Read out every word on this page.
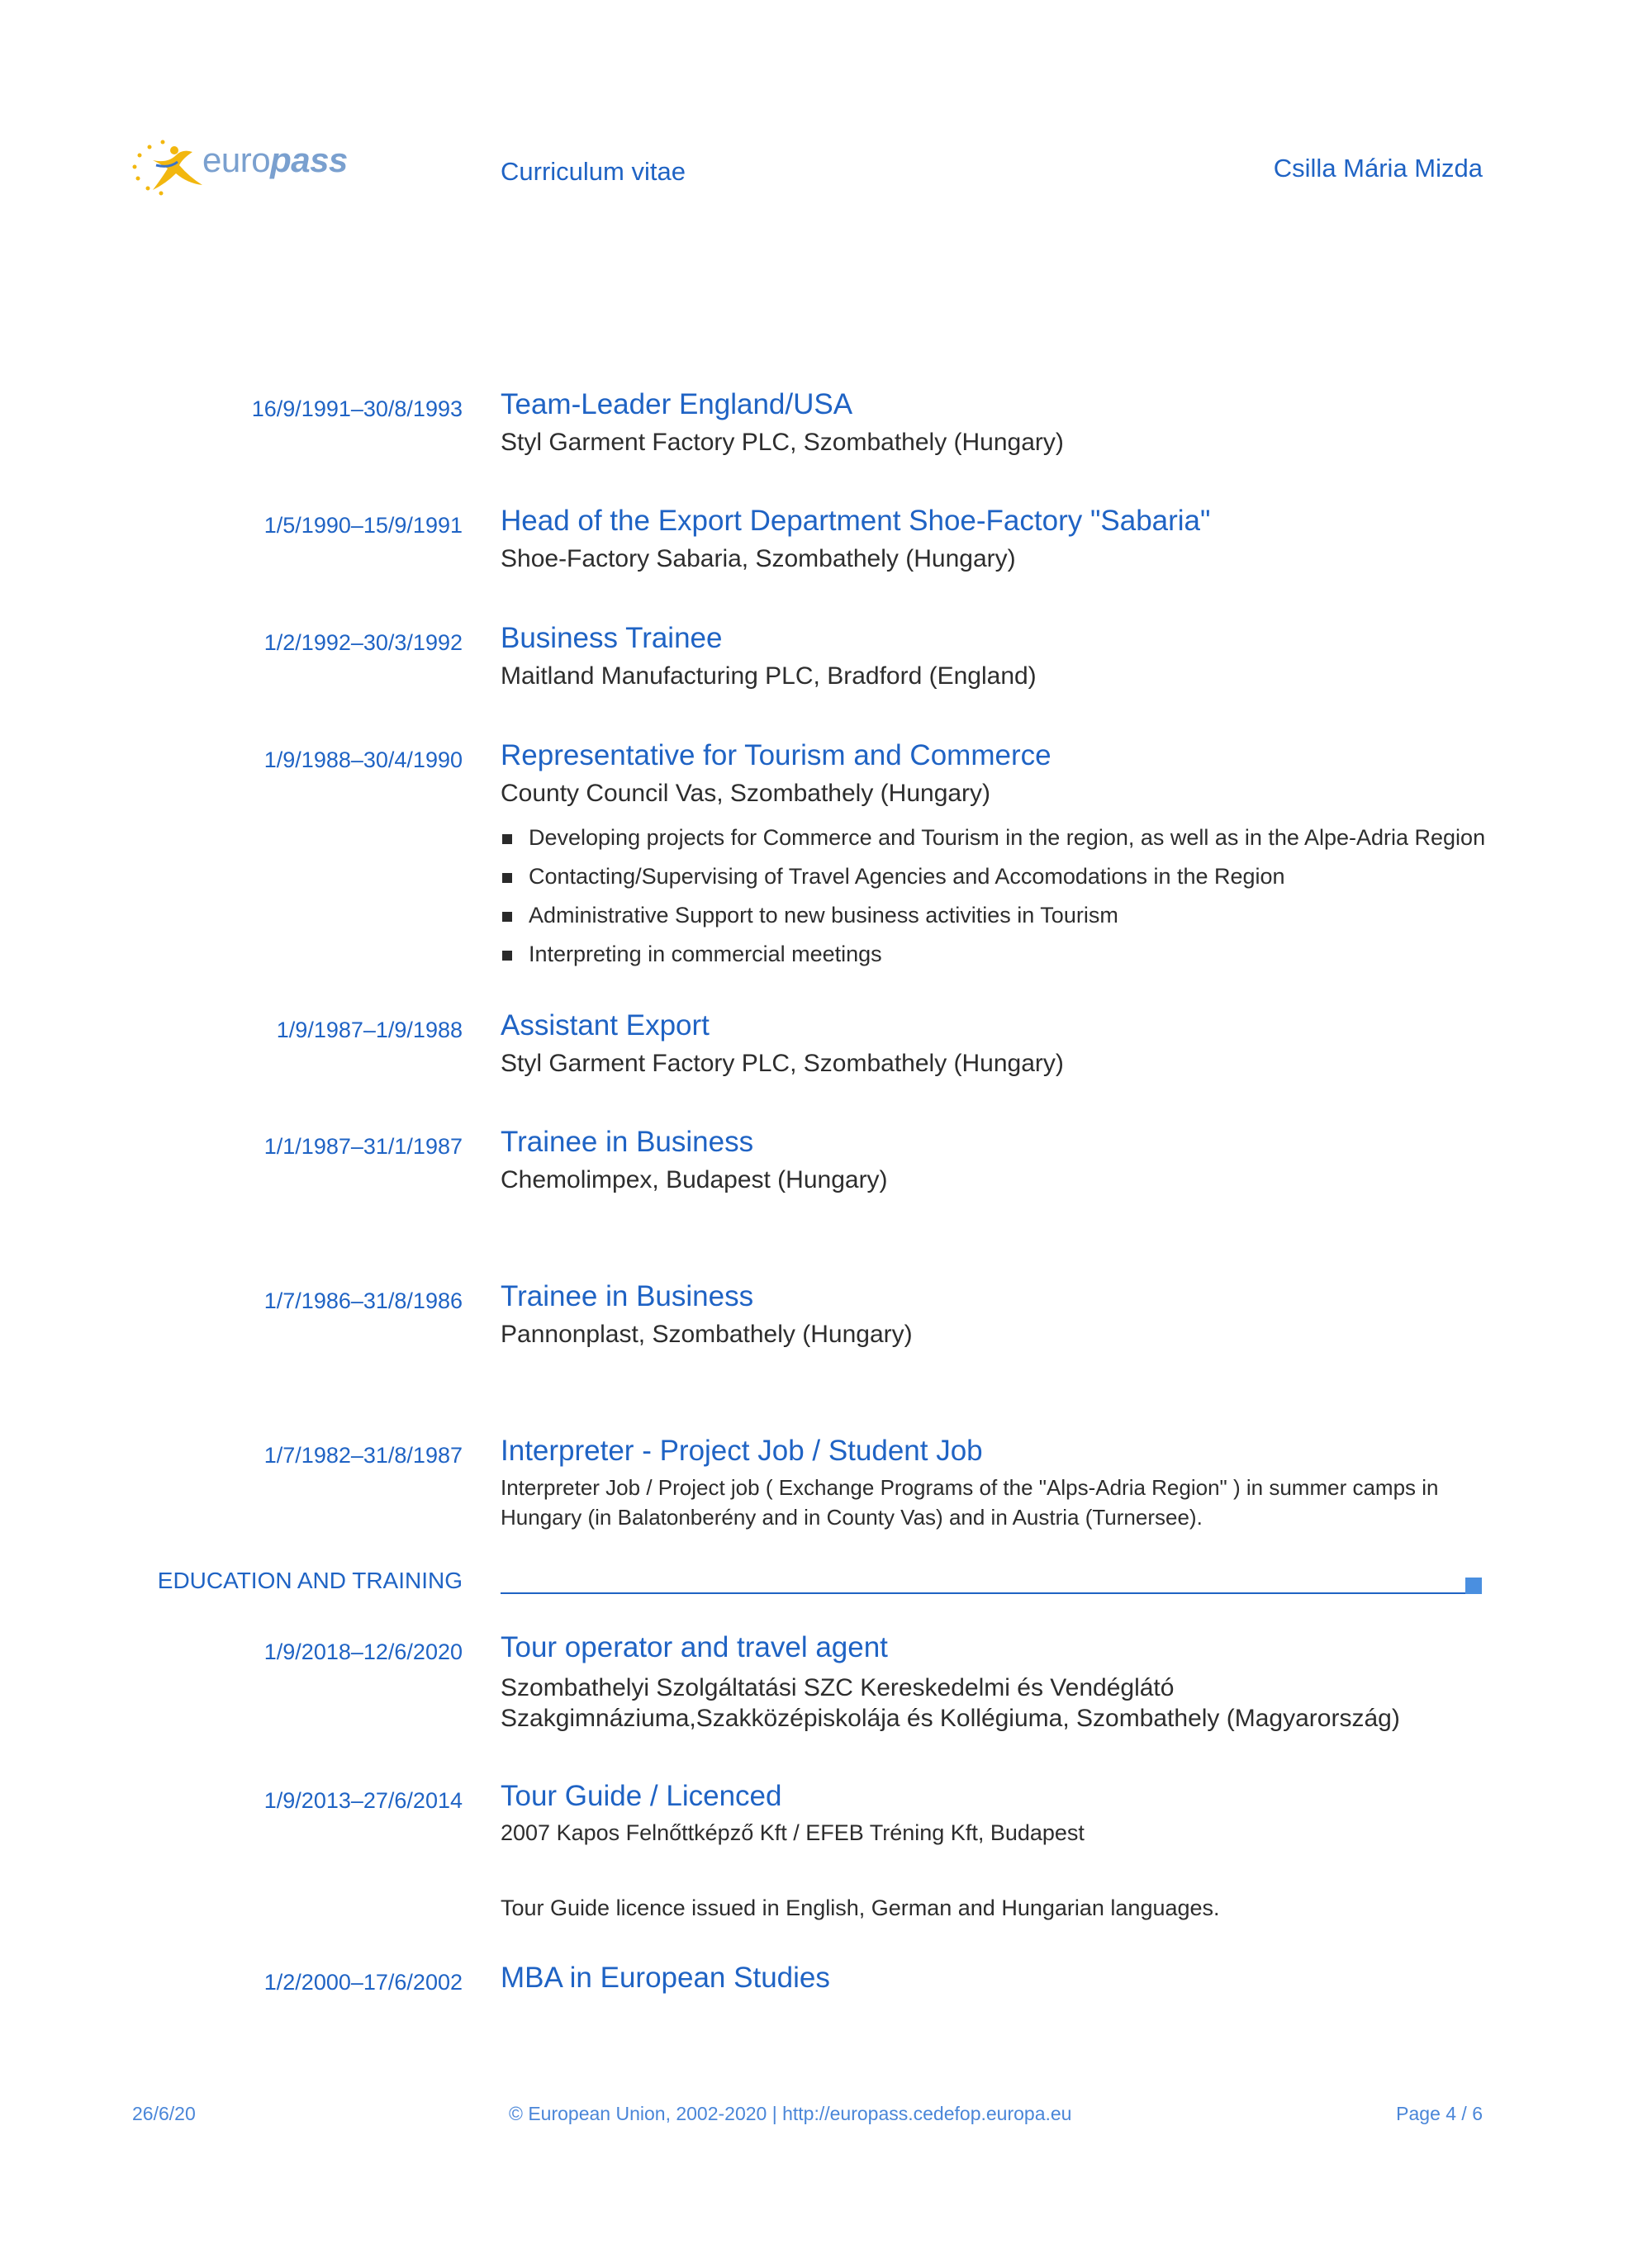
europass	Curriculum vitae	Csilla Mária Mizda
16/9/1991–30/8/1993 Team-Leader England/USA
Styl Garment Factory PLC, Szombathely (Hungary)
1/5/1990–15/9/1991 Head of the Export Department Shoe-Factory "Sabaria"
Shoe-Factory Sabaria, Szombathely (Hungary)
1/2/1992–30/3/1992 Business Trainee
Maitland Manufacturing PLC, Bradford (England)
1/9/1988–30/4/1990 Representative for Tourism and Commerce
County Council Vas, Szombathely (Hungary)
Developing projects for Commerce and Tourism in the region, as well as in the Alpe-Adria Region
Contacting/Supervising of Travel Agencies and Accomodations in the Region
Administrative Support to new business activities in Tourism
Interpreting in commercial meetings
1/9/1987–1/9/1988 Assistant Export
Styl Garment Factory PLC, Szombathely (Hungary)
1/1/1987–31/1/1987 Trainee in Business
Chemolimpex, Budapest (Hungary)
1/7/1986–31/8/1986 Trainee in Business
Pannonplast, Szombathely (Hungary)
1/7/1982–31/8/1987 Interpreter - Project Job / Student Job
Interpreter Job / Project job ( Exchange Programs of the "Alps-Adria Region" ) in summer camps in
Hungary (in Balatonberény and in County Vas) and in Austria (Turnersee).
EDUCATION AND TRAINING
1/9/2018–12/6/2020 Tour operator and travel agent
Szombathelyi Szolgáltatási SZC Kereskedelmi és Vendéglátó
Szakgimnáziuma,Szakközépiskolája és Kollégiuma, Szombathely (Magyarország)
1/9/2013–27/6/2014 Tour Guide / Licenced
2007 Kapos Felnőttképző Kft / EFEB Tréning Kft, Budapest
Tour Guide licence issued in English, German and Hungarian languages.
1/2/2000–17/6/2002 MBA in European Studies
26/6/20	© European Union, 2002-2020 | http://europass.cedefop.europa.eu	Page 4 / 6
